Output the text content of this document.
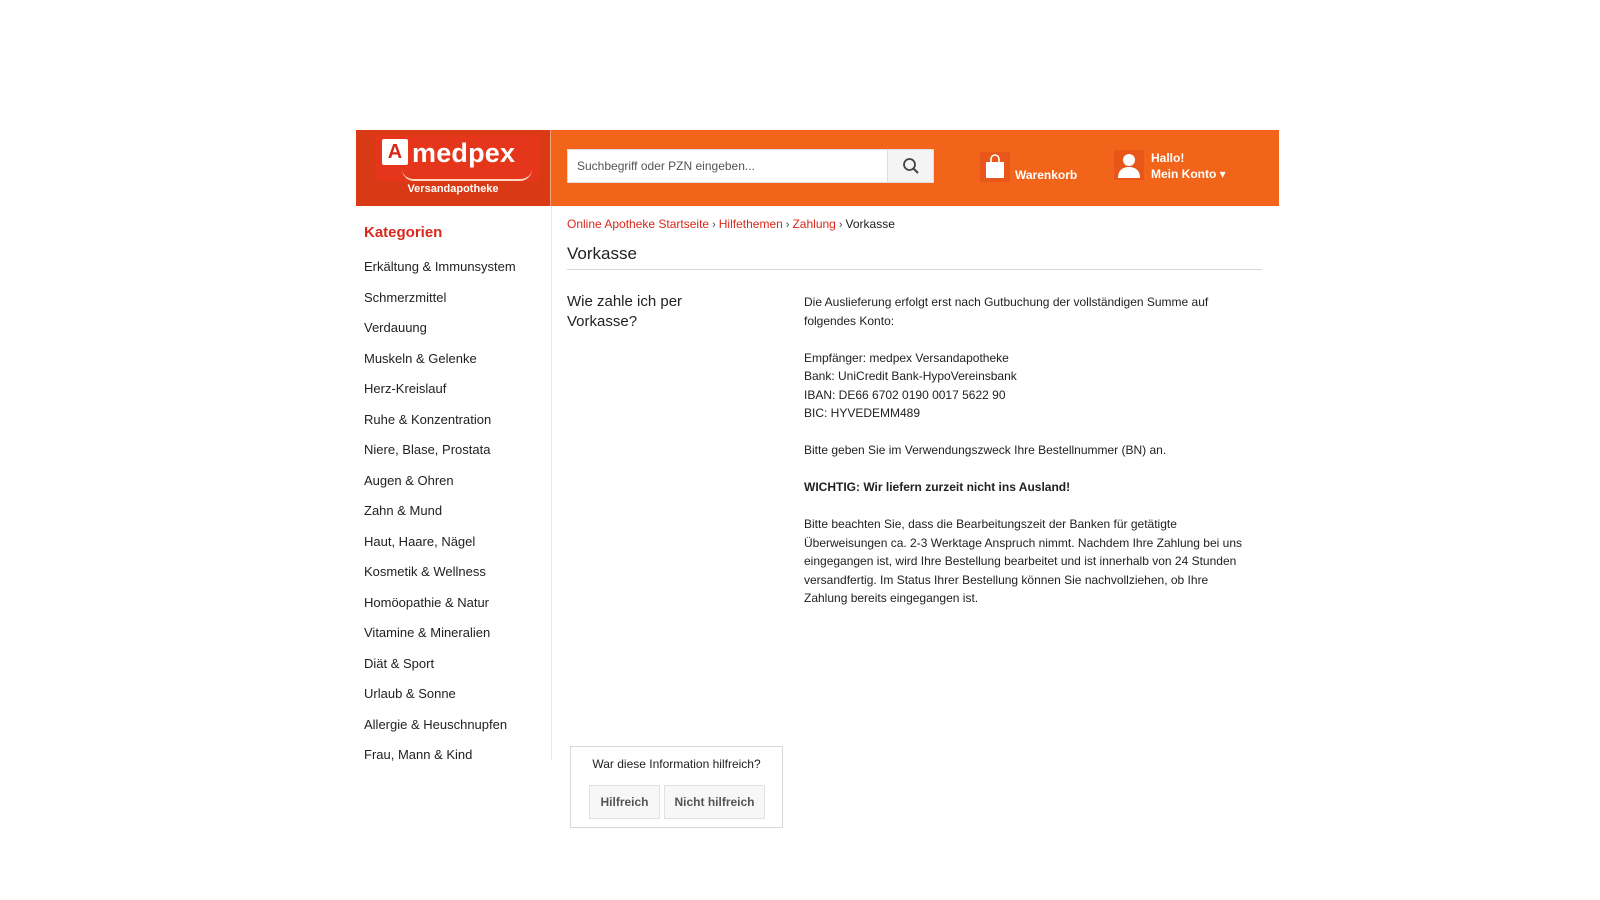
A medpex
Versandapotheke
Suchbegriff oder PZN eingeben...
Warenkorb
Hallo!
Mein Konto ▾
Kategorien
Erkältung & Immunsystem
Schmerzmittel
Verdauung
Muskeln & Gelenke
Herz-Kreislauf
Ruhe & Konzentration
Niere, Blase, Prostata
Augen & Ohren
Zahn & Mund
Haut, Haare, Nägel
Kosmetik & Wellness
Homöopathie & Natur
Vitamine & Mineralien
Diät & Sport
Urlaub & Sonne
Allergie & Heuschnupfen
Frau, Mann & Kind
Online Apotheke Startseite › Hilfethemen › Zahlung › Vorkasse
Vorkasse
Wie zahle ich per Vorkasse?

Die Auslieferung erfolgt erst nach Gutbuchung der vollständigen Summe auf folgendes Konto:

Empfänger: medpex Versandapotheke
Bank: UniCredit Bank-HypoVereinsbank
IBAN: DE66 6702 0190 0017 5622 90

BIC: HYVEDEMM489

Bitte geben Sie im Verwendungszweck Ihre Bestellnummer (BN) an.

WICHTIG: Wir liefern zurzeit nicht ins Ausland!

Bitte beachten Sie, dass die Bearbeitungszeit der Banken für getätigte Überweisungen ca. 2-3 Werktage Anspruch nimmt. Nachdem Ihre Zahlung bei uns eingegangen ist, wird Ihre Bestellung bearbeitet und ist innerhalb von 24 Stunden versandfertig. Im Status Ihrer Bestellung können Sie nachvollziehen, ob Ihre Zahlung bereits eingegangen ist.

War diese Information hilfreich?
Hilfreich	Nicht hilfreich
